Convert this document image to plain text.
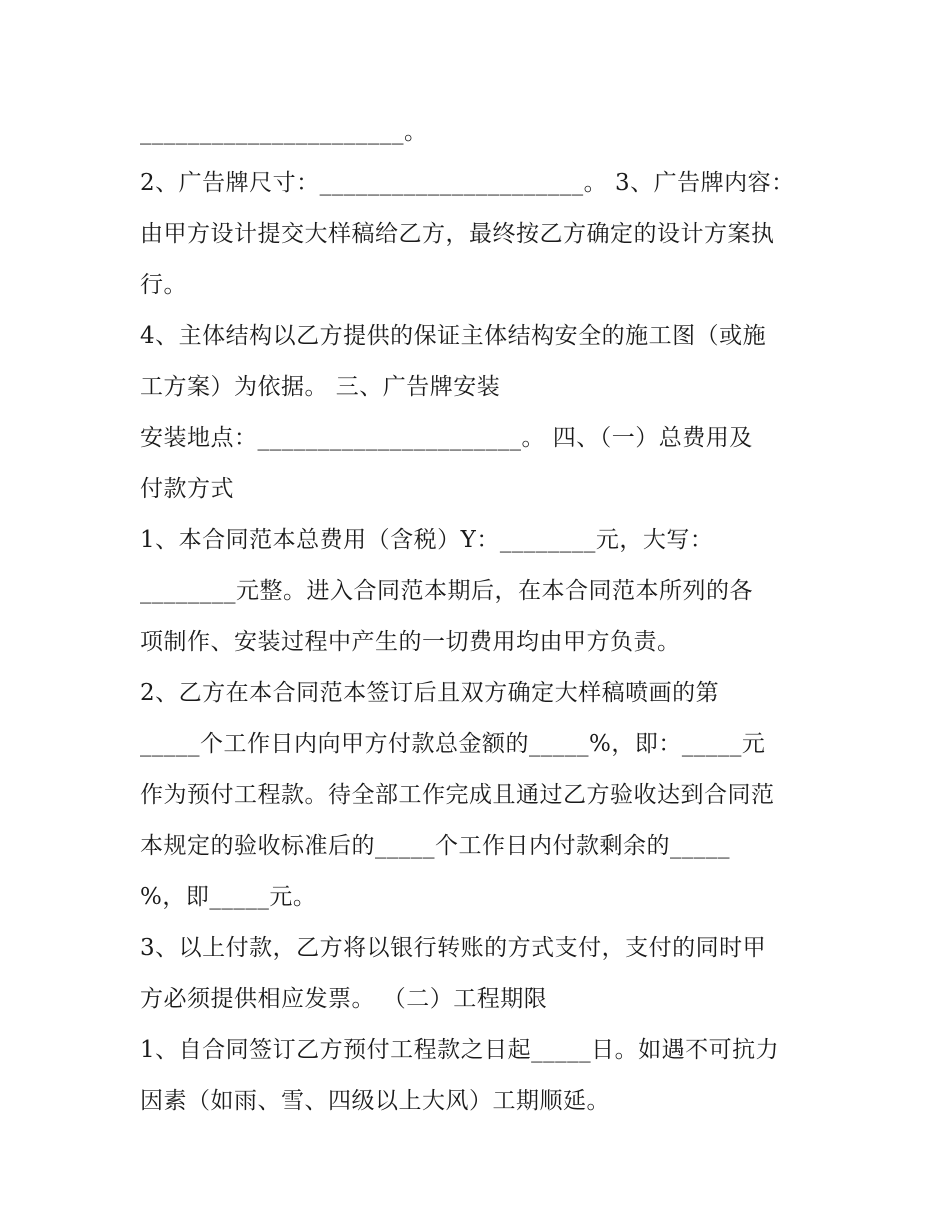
______________________。
2、广告牌尺寸：______________________。 3、广告牌内容：
由甲方设计提交大样稿给乙方，最终按乙方确定的设计方案执
行。
4、主体结构以乙方提供的保证主体结构安全的施工图（或施
工方案）为依据。 三、广告牌安装
安装地点：______________________。 四、（一）总费用及
付款方式
1、本合同范本总费用（含税）Y：________元，大写：
________元整。进入合同范本期后，在本合同范本所列的各
项制作、安装过程中产生的一切费用均由甲方负责。
2、乙方在本合同范本签订后且双方确定大样稿喷画的第
_____个工作日内向甲方付款总金额的_____%，即：_____元
作为预付工程款。待全部工作完成且通过乙方验收达到合同范
本规定的验收标准后的_____个工作日内付款剩余的_____
%，即_____元。
3、以上付款，乙方将以银行转账的方式支付，支付的同时甲
方必须提供相应发票。 （二）工程期限
1、自合同签订乙方预付工程款之日起_____日。如遇不可抗力
因素（如雨、雪、四级以上大风）工期顺延。
